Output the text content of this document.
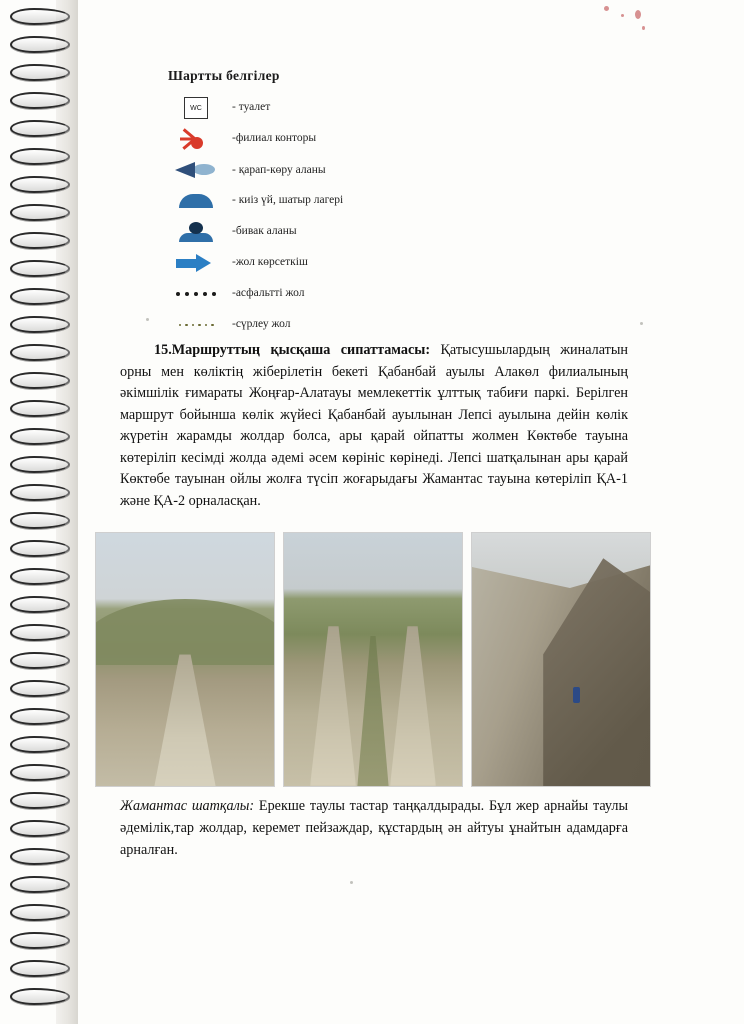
Шартты белгілер
WC	- туалет
-филиал конторы
- қарап-көру аланы
- киіз үй, шатыр лагері
-бивак аланы
-жол көрсеткіш
-асфальтті жол
-сүрлеу жол

15.Маршруттың қысқаша сипаттамасы: Қатысушылардың жиналатын орны мен көліктің жіберілетін бекеті Қабанбай ауылы Алакөл филиалының әкімшілік ғимараты Жоңғар-Алатауы мемлекеттік ұлттық табиғи паркі. Берілген маршрут бойынша көлік жүйесі Қабанбай ауылынан Лепсі ауылына дейін көлік жүретін жарамды жолдар болса, ары қарай ойпатты жолмен Көктөбе тауына көтеріліп кесімді жолда әдемі әсем көрініс көрінеді. Лепсі шатқалынан ары қарай Көктөбе тауынан ойлы жолға түсіп жоғарыдағы Жамантас тауына көтеріліп ҚА-1 және ҚА-2 орналасқан.

Жамантас шатқалы: Ерекше таулы тастар таңқалдырады. Бұл жер арнайы таулы әдемілік,тар жолдар, керемет пейзаждар, құстардың ән айтуы ұнайтын адамдарға арналған.
